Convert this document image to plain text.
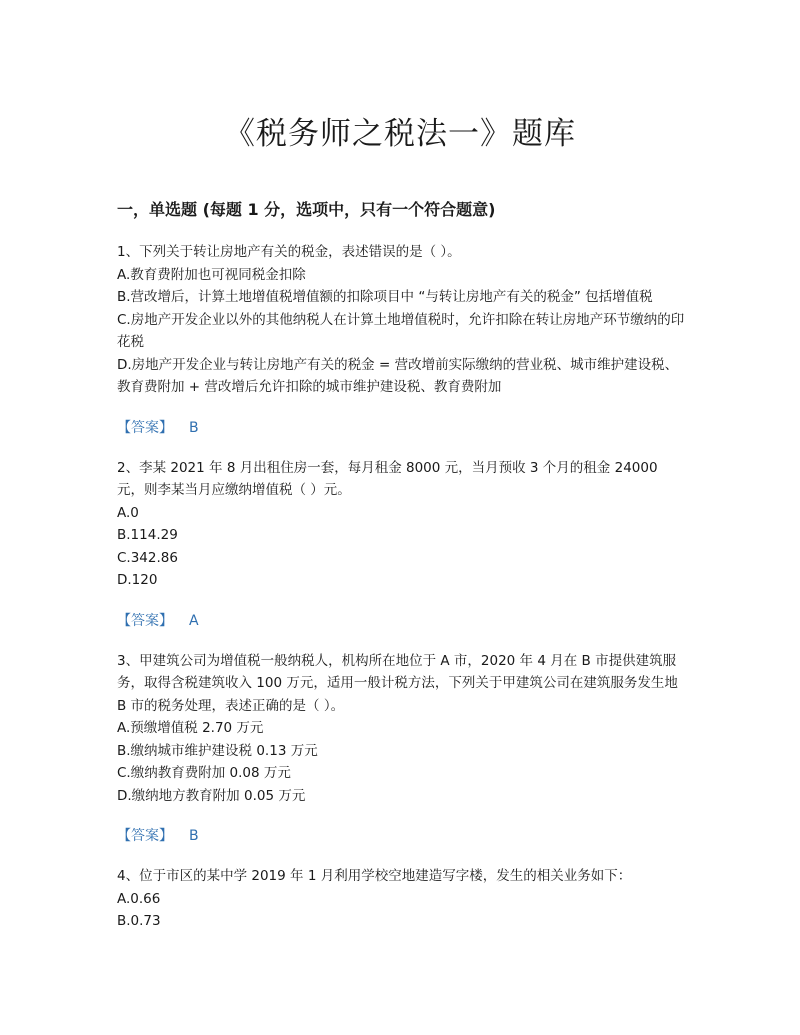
《税务师之税法一》题库
一，单选题 (每题 1 分，选项中，只有一个符合题意)

1、下列关于转让房地产有关的税金，表述错误的是（ ）。

A.教育费附加也可视同税金扣除

B.营改增后，计算土地增值税增值额的扣除项目中 “与转让房地产有关的税金” 包括增值税

C.房地产开发企业以外的其他纳税人在计算土地增值税时，允许扣除在转让房地产环节缴纳的印花税

D.房地产开发企业与转让房地产有关的税金 = 营改增前实际缴纳的营业税、城市维护建设税、教育费附加 + 营改增后允许扣除的城市维护建设税、教育费附加

【答案】 B

2、李某 2021 年 8 月出租住房一套，每月租金 8000 元，当月预收 3 个月的租金 24000 元，则李某当月应缴纳增值税（ ）元。

A.0

B.114.29

C.342.86

D.120

【答案】 A

3、甲建筑公司为增值税一般纳税人，机构所在地位于 A 市，2020 年 4 月在 B 市提供建筑服务，取得含税建筑收入 100 万元，适用一般计税方法，下列关于甲建筑公司在建筑服务发生地 B 市的税务处理，表述正确的是（ ）。

A.预缴增值税 2.70 万元

B.缴纳城市维护建设税 0.13 万元

C.缴纳教育费附加 0.08 万元

D.缴纳地方教育附加 0.05 万元

【答案】 B

4、位于市区的某中学 2019 年 1 月利用学校空地建造写字楼，发生的相关业务如下：

A.0.66

B.0.73
